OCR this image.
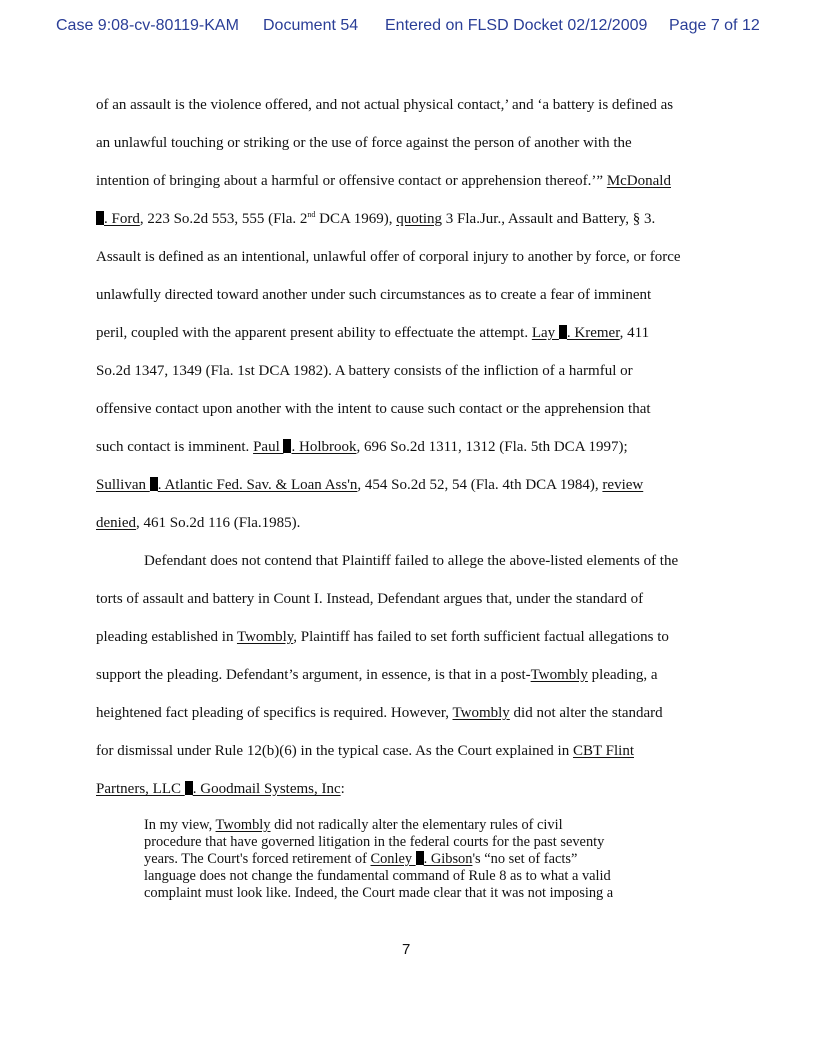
Case 9:08-cv-80119-KAM Document 54 Entered on FLSD Docket 02/12/2009 Page 7 of 12
of an assault is the violence offered, and not actual physical contact,’ and ‘a battery is defined as
an unlawful touching or striking or the use of force against the person of another with the
intention of bringing about a harmful or offensive contact or apprehension thereof.’” McDonald
. Ford, 223 So.2d 553, 555 (Fla. 2nd DCA 1969), quoting 3 Fla.Jur., Assault and Battery, § 3.
Assault is defined as an intentional, unlawful offer of corporal injury to another by force, or force
unlawfully directed toward another under such circumstances as to create a fear of imminent
peril, coupled with the apparent present ability to effectuate the attempt. Lay . Kremer, 411
So.2d 1347, 1349 (Fla. 1st DCA 1982). A battery consists of the infliction of a harmful or
offensive contact upon another with the intent to cause such contact or the apprehension that
such contact is imminent. Paul . Holbrook, 696 So.2d 1311, 1312 (Fla. 5th DCA 1997);
Sullivan . Atlantic Fed. Sav. & Loan Ass'n, 454 So.2d 52, 54 (Fla. 4th DCA 1984), review
denied, 461 So.2d 116 (Fla.1985).
Defendant does not contend that Plaintiff failed to allege the above-listed elements of the
torts of assault and battery in Count I. Instead, Defendant argues that, under the standard of
pleading established in Twombly, Plaintiff has failed to set forth sufficient factual allegations to
support the pleading. Defendant’s argument, in essence, is that in a post-Twombly pleading, a
heightened fact pleading of specifics is required. However, Twombly did not alter the standard
for dismissal under Rule 12(b)(6) in the typical case. As the Court explained in CBT Flint
Partners, LLC . Goodmail Systems, Inc:
In my view, Twombly did not radically alter the elementary rules of civil
procedure that have governed litigation in the federal courts for the past seventy
years. The Court's forced retirement of Conley . Gibson's “no set of facts”
language does not change the fundamental command of Rule 8 as to what a valid
complaint must look like. Indeed, the Court made clear that it was not imposing a
7
